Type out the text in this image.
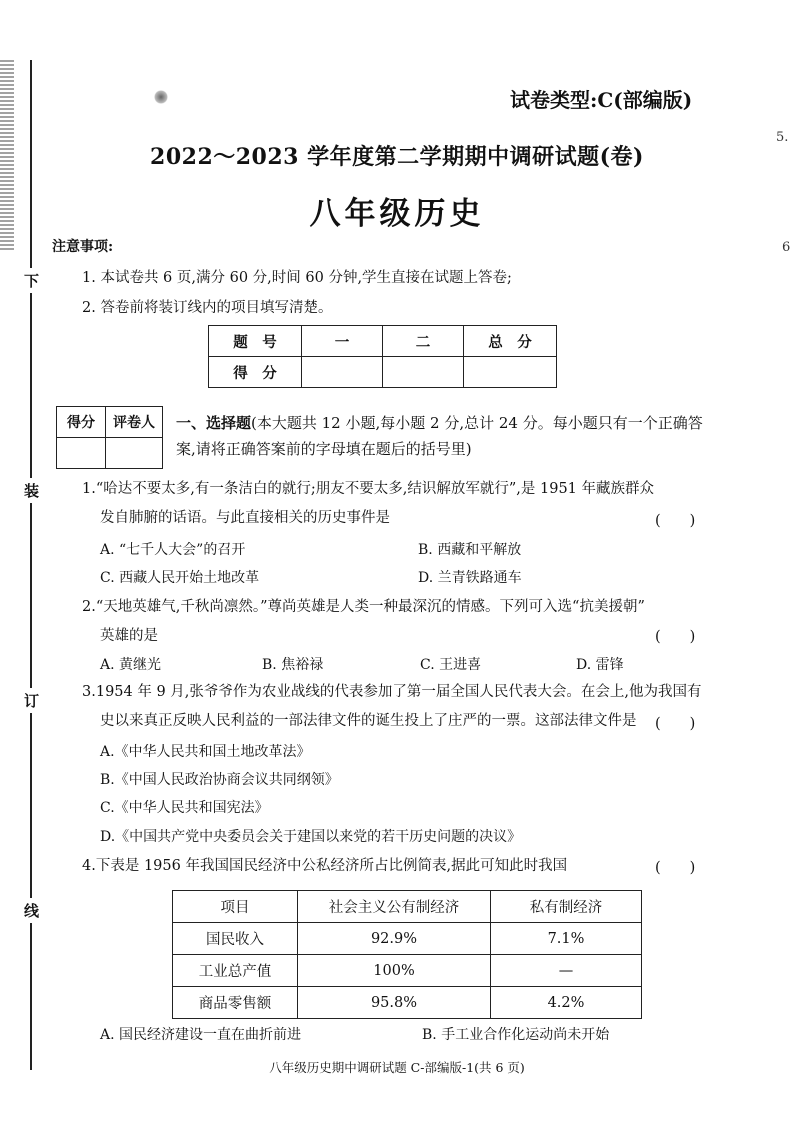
下
装
订
线
5.
6
试卷类型:C(部编版)
2022～2023 学年度第二学期期中调研试题(卷)
八年级历史
注意事项:
1. 本试卷共 6 页,满分 60 分,时间 60 分钟,学生直接在试题上答卷;
2. 答卷前将装订线内的项目填写清楚。
题　号	一	二	总　分
得　分			
得分	评卷人
	一、选择题(本大题共 12 小题,每小题 2 分,总计 24 分。每小题只有一个正确答案,请将正确答案前的字母填在题后的括号里)
1.“哈达不要太多,有一条洁白的就行;朋友不要太多,结识解放军就行”,是 1951 年藏族群众
发自肺腑的话语。与此直接相关的历史事件是	(　　)
A. “七千人大会”的召开	B. 西藏和平解放
C. 西藏人民开始土地改革	D. 兰青铁路通车
2.“天地英雄气,千秋尚凛然。”尊尚英雄是人类一种最深沉的情感。下列可入选“抗美援朝”
英雄的是	(　　)
A. 黄继光	B. 焦裕禄	C. 王进喜	D. 雷锋
3.1954 年 9 月,张爷爷作为农业战线的代表参加了第一届全国人民代表大会。在会上,他为我国有
史以来真正反映人民利益的一部法律文件的诞生投上了庄严的一票。这部法律文件是	(　　)
A.《中华人民共和国土地改革法》
B.《中国人民政治协商会议共同纲领》
C.《中华人民共和国宪法》
D.《中国共产党中央委员会关于建国以来党的若干历史问题的决议》
4.下表是 1956 年我国国民经济中公私经济所占比例简表,据此可知此时我国	(　　)
项目	社会主义公有制经济	私有制经济
国民收入	92.9%	7.1%
工业总产值	100%	—
商品零售额	95.8%	4.2%
A. 国民经济建设一直在曲折前进	B. 手工业合作化运动尚未开始
八年级历史期中调研试题 C-部编版-1(共 6 页)
